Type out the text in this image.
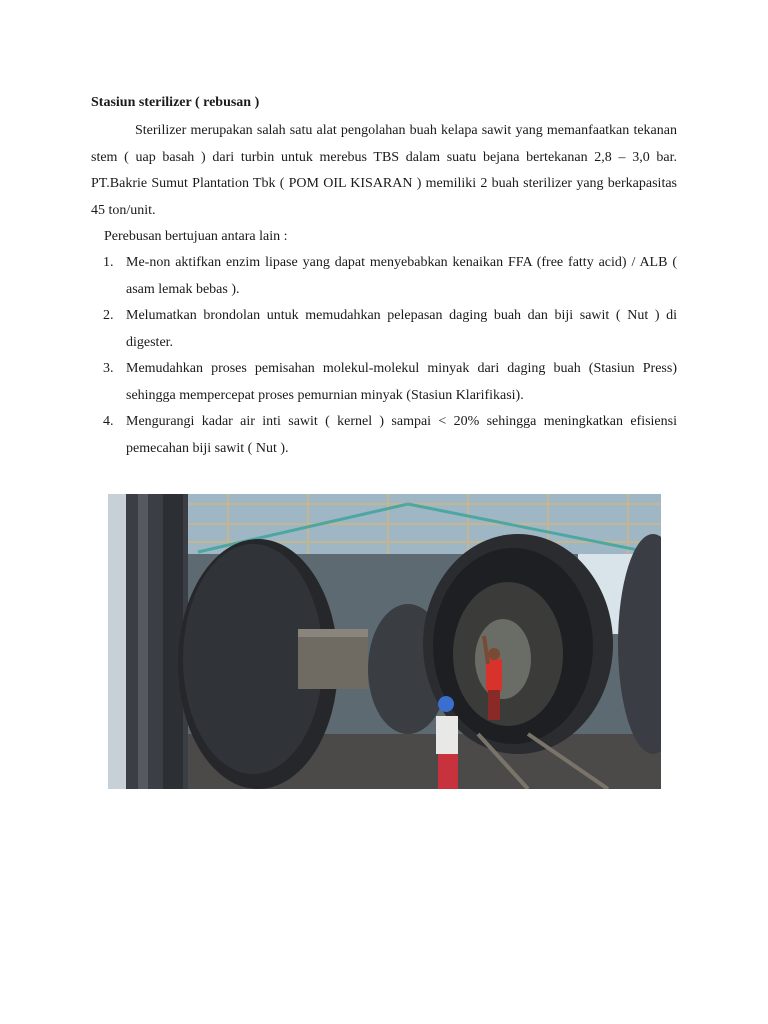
Stasiun sterilizer ( rebusan )

Sterilizer merupakan salah satu alat pengolahan buah kelapa sawit yang memanfaatkan tekanan stem ( uap basah ) dari turbin untuk merebus TBS dalam suatu bejana bertekanan 2,8 – 3,0 bar. PT.Bakrie Sumut Plantation Tbk ( POM OIL KISARAN ) memiliki 2 buah sterilizer yang berkapasitas 45 ton/unit.

Perebusan bertujuan antara lain :

1. Me-non aktifkan enzim lipase yang dapat menyebabkan kenaikan FFA (free fatty acid) / ALB ( asam lemak bebas ).
2. Melumatkan brondolan untuk memudahkan pelepasan daging buah dan biji sawit ( Nut ) di digester.
3. Memudahkan proses pemisahan molekul-molekul minyak dari daging buah (Stasiun Press) sehingga mempercepat proses pemurnian minyak (Stasiun Klarifikasi).
4. Mengurangi kadar air inti sawit ( kernel ) sampai < 20% sehingga meningkatkan efisiensi pemecahan biji sawit ( Nut ).
